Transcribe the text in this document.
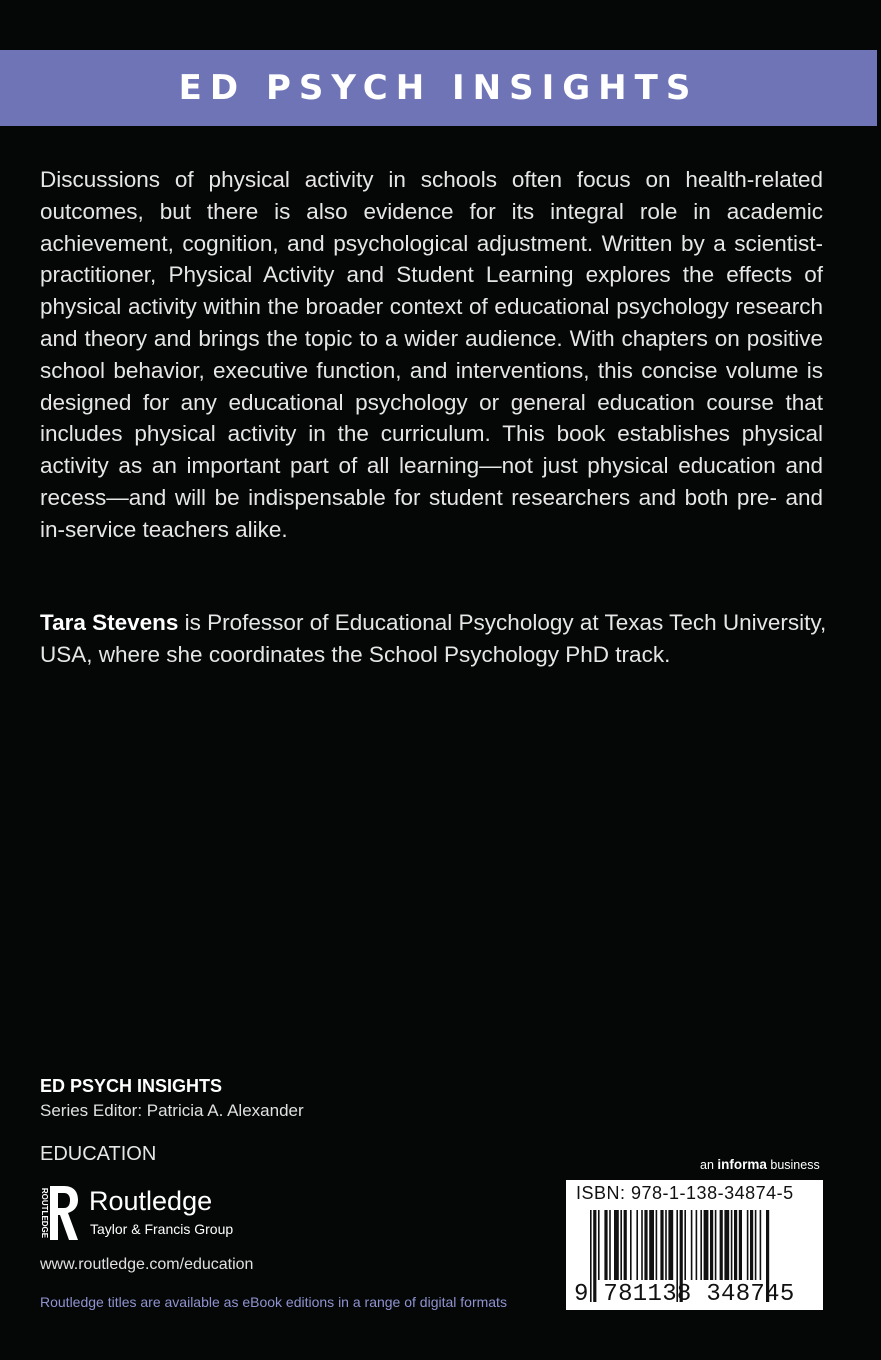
ED PSYCH INSIGHTS

Discussions of physical activity in schools often focus on health-related outcomes, but there is also evidence for its integral role in academic achievement, cognition, and psychological adjustment. Written by a scientist-practitioner, Physical Activity and Student Learning explores the effects of physical activity within the broader context of educational psychology research and theory and brings the topic to a wider audience. With chapters on positive school behavior, executive function, and interventions, this concise volume is designed for any educational psychology or general education course that includes physical activity in the curriculum. This book establishes physical activity as an important part of all learning—not just physical education and recess—and will be indispensable for student researchers and both pre- and in-service teachers alike.

Tara Stevens is Professor of Educational Psychology at Texas Tech University, USA, where she coordinates the School Psychology PhD track.

ED PSYCH INSIGHTS
Series Editor: Patricia A. Alexander
EDUCATION
ROUTLEDGE Routledge
Taylor & Francis Group
www.routledge.com/education
Routledge titles are available as eBook editions in a range of digital formats
an informa business
ISBN: 978-1-138-34874-5
9 781138 348745
